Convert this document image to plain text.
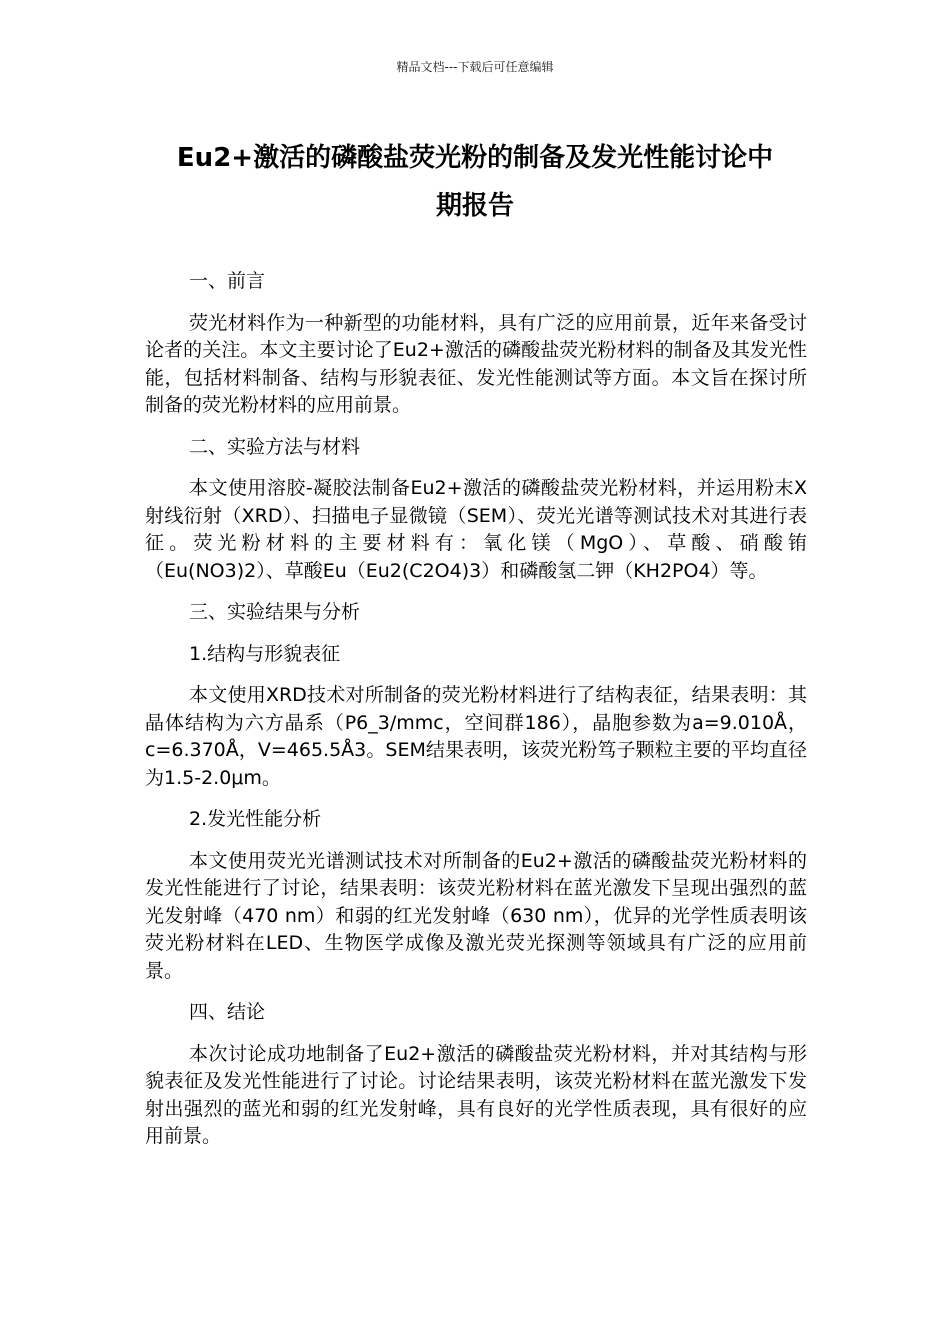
精品文档---下载后可任意编辑
Eu2+激活的磷酸盐荧光粉的制备及发光性能讨论中
期报告

一、前言

荧光材料作为一种新型的功能材料，具有广泛的应用前景，近年来备受讨论者的关注。本文主要讨论了Eu2+激活的磷酸盐荧光粉材料的制备及其发光性能，包括材料制备、结构与形貌表征、发光性能测试等方面。本文旨在探讨所制备的荧光粉材料的应用前景。

二、实验方法与材料

本文使用溶胶-凝胶法制备Eu2+激活的磷酸盐荧光粉材料，并运用粉末X射线衍射（XRD）、扫描电子显微镜（SEM）、荧光光谱等测试技术对其进行表征。荧光粉材料的主要材料有：氧化镁（MgO）、草酸、硝酸铕（Eu(NO3)2）、草酸Eu（Eu2(C2O4)3）和磷酸氢二钾（KH2PO4）等。

三、实验结果与分析

1.结构与形貌表征

本文使用XRD技术对所制备的荧光粉材料进行了结构表征，结果表明：其晶体结构为六方晶系（P6_3/mmc，空间群186），晶胞参数为a=9.010Å，c=6.370Å，V=465.5Å3。SEM结果表明，该荧光粉笃子颗粒主要的平均直径为1.5-2.0μm。

2.发光性能分析

本文使用荧光光谱测试技术对所制备的Eu2+激活的磷酸盐荧光粉材料的发光性能进行了讨论，结果表明：该荧光粉材料在蓝光激发下呈现出强烈的蓝光发射峰（470 nm）和弱的红光发射峰（630 nm），优异的光学性质表明该荧光粉材料在LED、生物医学成像及激光荧光探测等领域具有广泛的应用前景。

四、结论

本次讨论成功地制备了Eu2+激活的磷酸盐荧光粉材料，并对其结构与形貌表征及发光性能进行了讨论。讨论结果表明，该荧光粉材料在蓝光激发下发射出强烈的蓝光和弱的红光发射峰，具有良好的光学性质表现，具有很好的应用前景。
